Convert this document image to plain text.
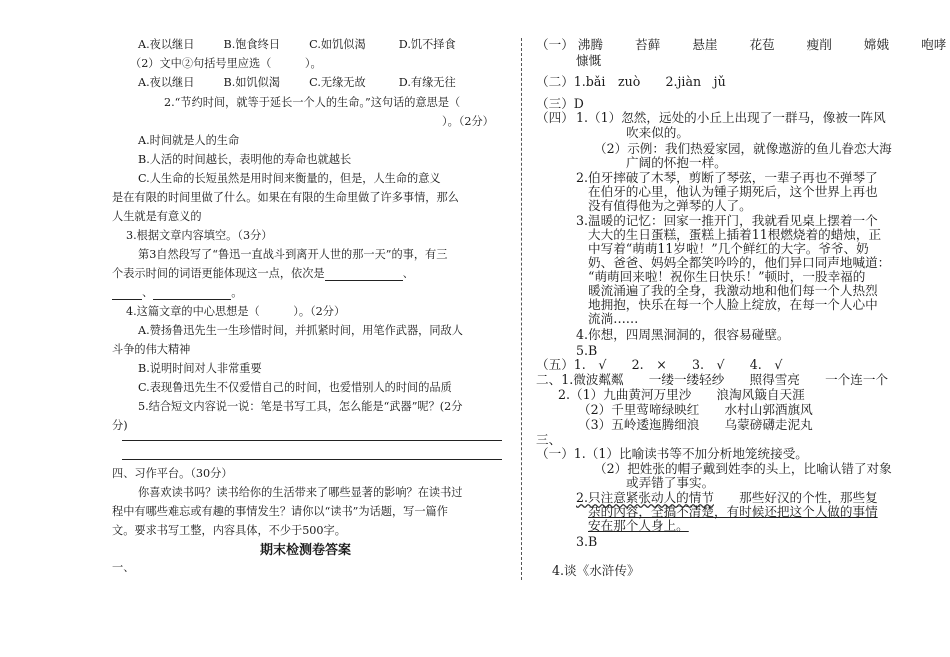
A.夜以继日	B.饱食终日	C.如饥似渴	D.饥不择食
（2）文中②句括号里应选（　　　）。
A.夜以继日	B.如饥似渴	C.无缘无故	D.有缘无往
2.“节约时间，就等于延长一个人的生命。”这句话的意思是（
）。（2分）
A.时间就是人的生命
B.人活的时间越长，表明他的寿命也就越长
C.人生命的长短虽然是用时间来衡量的，但是，人生命的意义
是在有限的时间里做了什么。如果在有限的生命里做了许多事情，那么
人生就是有意义的
3.根据文章内容填空。（3分）
第3自然段写了“鲁迅一直战斗到离开人世的那一天”的事，有三
个表示时间的词语更能体现这一点，依次是	、
、	。
4.这篇文章的中心思想是（　　　）。（2分）
A.赞扬鲁迅先生一生珍惜时间，并抓紧时间，用笔作武器，同敌人
斗争的伟大精神
B.说明时间对人非常重要
C.表现鲁迅先生不仅爱惜自己的时间，也爱惜别人的时间的品质
5.结合短文内容说一说：笔是书写工具，怎么能是“武器”呢？(2分
分)
四、习作平台。（30分）
你喜欢读书吗？读书给你的生活带来了哪些显著的影响？在读书过
程中有哪些难忘或有趣的事情发生？请你以“读书”为话题，写一篇作
文。要求书写工整，内容具体，不少于500字。
期末检测卷答案
一、
（一） 沸腾	苔藓	悬崖	花苞	瘦削	嫦娥	咆哮
慷慨
（二）1.bǎi　zuò　　2.jiàn　jǔ
（三）D
（四） 1.（1）忽然，远处的小丘上出现了一群马，像被一阵风
吹来似的。
（2）示例：我们热爱家园，就像遨游的鱼儿眷恋大海
广阔的怀抱一样。
2.伯牙摔破了木琴，剪断了琴弦，一辈子再也不弹琴了
在伯牙的心里，他认为锺子期死后，这个世界上再也
没有值得他为之弹琴的人了。
3.温暖的记忆：回家一推开门，我就看见桌上摆着一个
大大的生日蛋糕，蛋糕上插着11根燃烧着的蜡烛，正
中写着“萌萌11岁啦！”几个鲜红的大字。爷爷、奶
奶、爸爸、妈妈全都笑吟吟的，他们异口同声地喊道：
“萌萌回来啦！祝你生日快乐！”顿时，一股幸福的
暖流涌遍了我的全身，我激动地和他们每一个人热烈
地拥抱，快乐在每一个人脸上绽放，在每一个人心中
流淌……
4.你想，四周黑洞洞的，很容易碰壁。
5.B
（五）1.　√　　2.　×　　3.　√　　4.　√
二、1.微波粼粼　　一缕一缕轻纱　　照得雪亮　　一个连一个
2.（1）九曲黄河万里沙　　浪淘风簸自天涯
（2）千里莺啼绿映红　　水村山郭酒旗风
（3）五岭逶迤腾细浪　　乌蒙磅礴走泥丸
三、
（一）1.（1）比喻读书等不加分析地笼统接受。
（2）把姓张的帽子戴到姓李的头上，比喻认错了对象
或弄错了事实。
2.只注意紧张动人的情节　　那些好汉的个性，那些复
杂的內容，全搞不清楚，有时候还把这个人做的事情
安在那个人身上。
3.B
4.谈《水浒传》
